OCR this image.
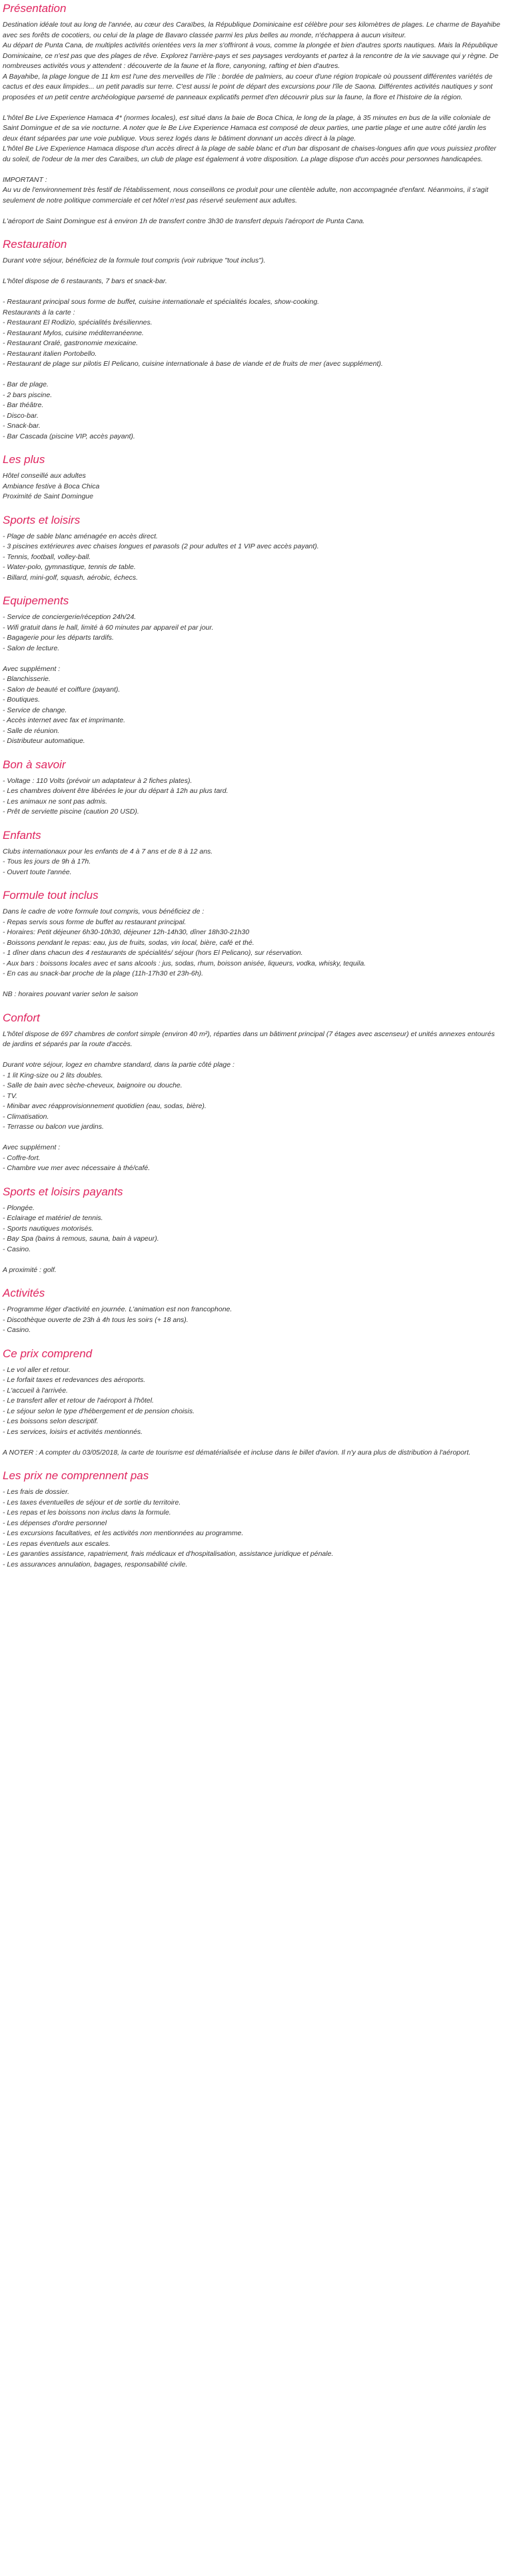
Présentation

Destination idéale tout au long de l'année, au cœur des Caraïbes, la République Dominicaine est célèbre pour ses kilomètres de plages. Le charme de Bayahibe avec ses forêts de cocotiers, ou celui de la plage de Bavaro classée parmi les plus belles au monde, n'échappera à aucun visiteur.

Au départ de Punta Cana, de multiples activités orientées vers la mer s'offriront à vous, comme la plongée et bien d'autres sports nautiques. Mais la République Dominicaine, ce n'est pas que des plages de rêve. Explorez l'arrière-pays et ses paysages verdoyants et partez à la rencontre de la vie sauvage qui y règne. De nombreuses activités vous y attendent : découverte de la faune et la flore, canyoning, rafting et bien d'autres.

A Bayahibe, la plage longue de 11 km est l'une des merveilles de l'île : bordée de palmiers, au coeur d'une région tropicale où poussent différentes variétés de cactus et des eaux limpides... un petit paradis sur terre. C'est aussi le point de départ des excursions pour l'île de Saona. Différentes activités nautiques y sont proposées et un petit centre archéologique parsemé de panneaux explicatifs permet d'en découvrir plus sur la faune, la flore et l'histoire de la région.

L'hôtel Be Live Experience Hamaca 4* (normes locales), est situé dans la baie de Boca Chica, le long de la plage, à 35 minutes en bus de la ville coloniale de Saint Domingue et de sa vie nocturne. A noter que le Be Live Experience Hamaca est composé de deux parties, une partie plage et une autre côté jardin les deux étant séparées par une voie publique. Vous serez logés dans le bâtiment donnant un accès direct à la plage.

L'hôtel Be Live Experience Hamaca dispose d'un accès direct à la plage de sable blanc et d'un bar disposant de chaises-longues afin que vous puissiez profiter du soleil, de l'odeur de la mer des Caraïbes, un club de plage est également à votre disposition. La plage dispose d'un accès pour personnes handicapées.

IMPORTANT :

Au vu de l'environnement très festif de l'établissement, nous conseillons ce produit pour une clientèle adulte, non accompagnée d'enfant. Néanmoins, il s'agit seulement de notre politique commerciale et cet hôtel n'est pas réservé seulement aux adultes.

L'aéroport de Saint Domingue est à environ 1h de transfert contre 3h30 de transfert depuis l'aéroport de Punta Cana.

Restauration

Durant votre séjour, bénéficiez de la formule tout compris (voir rubrique "tout inclus").

L'hôtel dispose de 6 restaurants, 7 bars et snack-bar.

- Restaurant principal sous forme de buffet, cuisine internationale et spécialités locales, show-cooking.

Restaurants à la carte :

- Restaurant El Rodizio, spécialités brésiliennes.

- Restaurant Mylos, cuisine méditerranéenne.

- Restaurant Oralé, gastronomie mexicaine.

- Restaurant italien Portobello.

- Restaurant de plage sur pilotis El Pelicano, cuisine internationale à base de viande et de fruits de mer (avec supplément).

- Bar de plage.

- 2 bars piscine.

- Bar théâtre.

- Disco-bar.

- Snack-bar.

- Bar Cascada (piscine VIP, accès payant).

Les plus

Hôtel conseillé aux adultes

Ambiance festive à Boca Chica

Proximité de Saint Domingue

Sports et loisirs

- Plage de sable blanc aménagée en accès direct.

- 3 piscines extérieures avec chaises longues et parasols (2 pour adultes et 1 VIP avec accès payant).

- Tennis, football, volley-ball.

- Water-polo, gymnastique, tennis de table.

- Billard, mini-golf, squash, aérobic, échecs.

Equipements

- Service de conciergerie/réception 24h/24.

- Wifi gratuit dans le hall, limité à 60 minutes par appareil et par jour.

- Bagagerie pour les départs tardifs.

- Salon de lecture.

Avec supplément :

- Blanchisserie.

- Salon de beauté et coiffure (payant).

- Boutiques.

- Service de change.

- Accès internet avec fax et imprimante.

- Salle de réunion.

- Distributeur automatique.

Bon à savoir

- Voltage : 110 Volts (prévoir un adaptateur à 2 fiches plates).

- Les chambres doivent être libérées le jour du départ à 12h au plus tard.

- Les animaux ne sont pas admis.

- Prêt de serviette piscine (caution 20 USD).

Enfants

Clubs internationaux pour les enfants de 4 à 7 ans et de 8 à 12 ans.

- Tous les jours de 9h à 17h.

- Ouvert toute l'année.

Formule tout inclus

Dans le cadre de votre formule tout compris, vous bénéficiez de :

- Repas servis sous forme de buffet au restaurant principal.

- Horaires: Petit déjeuner 6h30-10h30, déjeuner 12h-14h30, dîner 18h30-21h30

- Boissons pendant le repas: eau, jus de fruits, sodas, vin local, bière, café et thé.

- 1 dîner dans chacun des 4 restaurants de spécialités/ séjour (hors El Pelicano), sur réservation.

- Aux bars : boissons locales avec et sans alcools : jus, sodas, rhum, boisson anisée, liqueurs, vodka, whisky, tequila.

- En cas au snack-bar proche de la plage (11h-17h30 et 23h-6h).

NB : horaires pouvant varier selon le saison

Confort

L'hôtel dispose de 697 chambres de confort simple (environ 40 m²), réparties dans un bâtiment principal (7 étages avec ascenseur) et unités annexes entourés de jardins et séparés par la route d'accès.

Durant votre séjour, logez en chambre standard, dans la partie côté plage :

- 1 lit King-size ou 2 lits doubles.

- Salle de bain avec sèche-cheveux, baignoire ou douche.

- TV.

- Minibar avec réapprovisionnement quotidien (eau, sodas, bière).

- Climatisation.

- Terrasse ou balcon vue jardins.

Avec supplément :

- Coffre-fort.

- Chambre vue mer avec nécessaire à thé/café.

Sports et loisirs payants

- Plongée.

- Eclairage et matériel de tennis.

- Sports nautiques motorisés.

- Bay Spa (bains à remous, sauna, bain à vapeur).

- Casino.

A proximité : golf.

Activités

- Programme léger d'activité en journée. L'animation est non francophone.

- Discothèque ouverte de 23h à 4h tous les soirs (+ 18 ans).

- Casino.

Ce prix comprend

- Le vol aller et retour.

- Le forfait taxes et redevances des aéroports.

- L'accueil à l'arrivée.

- Le transfert aller et retour de l'aéroport à l'hôtel.

- Le séjour selon le type d'hébergement et de pension choisis.

- Les boissons selon descriptif.

- Les services, loisirs et activités mentionnés.

A NOTER : A compter du 03/05/2018, la carte de tourisme est dématérialisée et incluse dans le billet d'avion. Il n'y aura plus de distribution à l'aéroport.

Les prix ne comprennent pas

- Les frais de dossier.

- Les taxes éventuelles de séjour et de sortie du territoire.

- Les repas et les boissons non inclus dans la formule.

- Les dépenses d'ordre personnel

- Les excursions facultatives, et les activités non mentionnées au programme.

- Les repas éventuels aux escales.

- Les garanties assistance, rapatriement, frais médicaux et d'hospitalisation, assistance juridique et pénale.

- Les assurances annulation, bagages, responsabilité civile.
